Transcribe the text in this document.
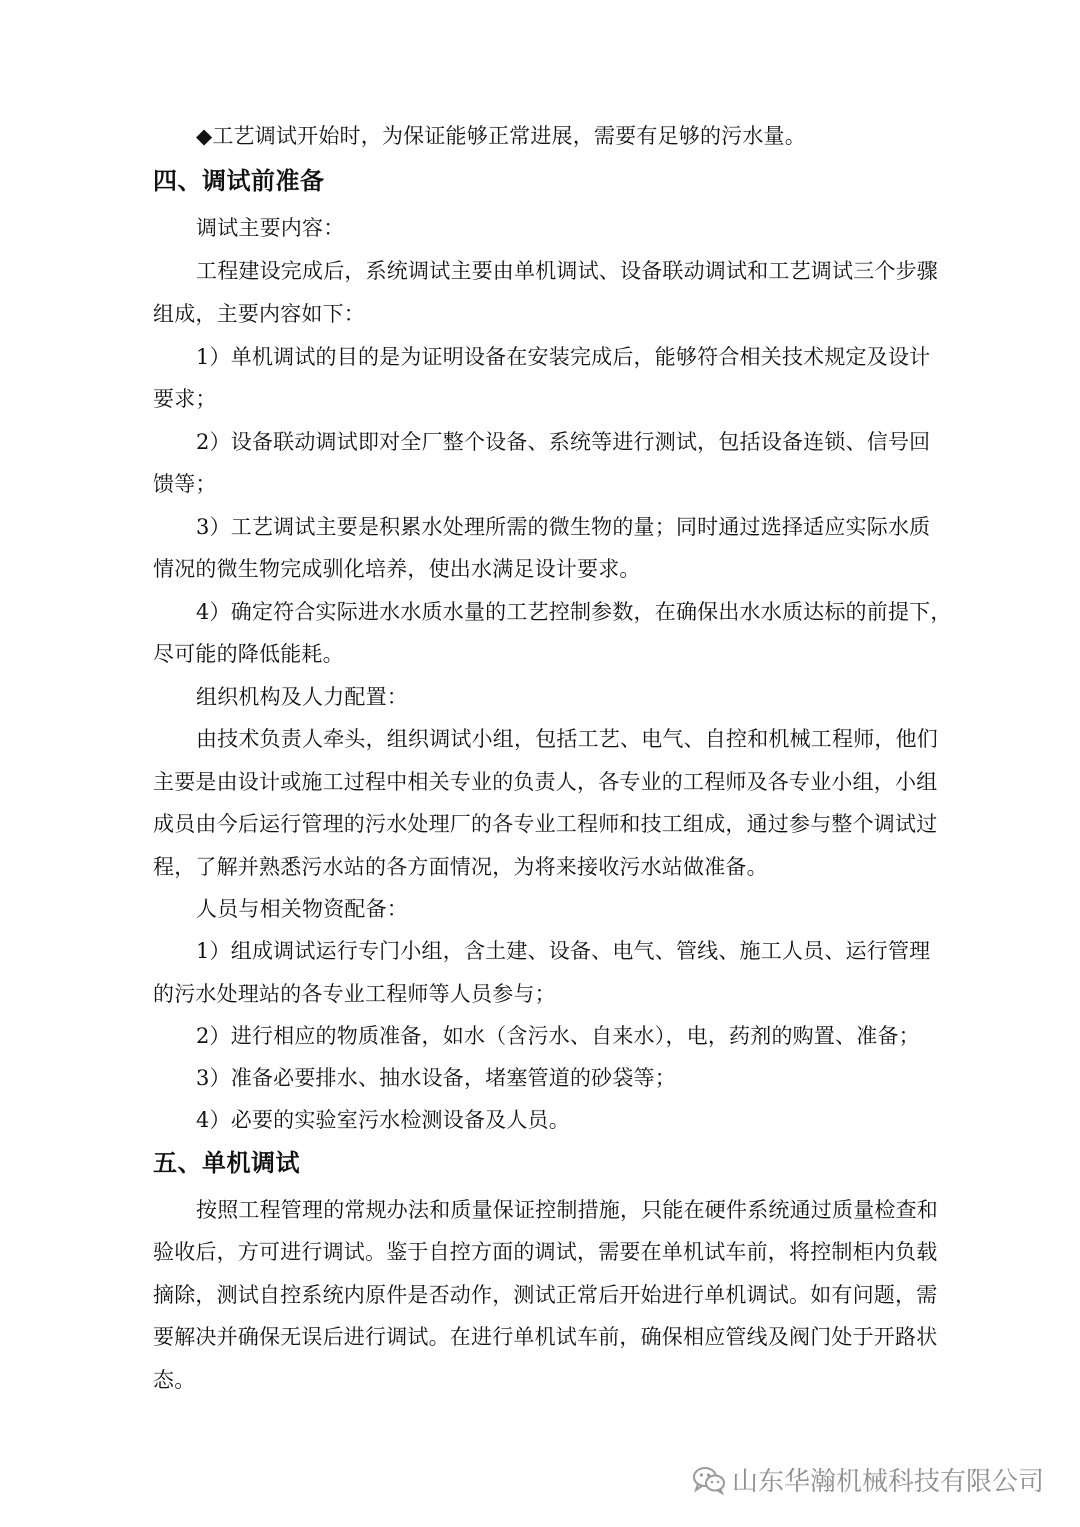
◆工艺调试开始时，为保证能够正常进展，需要有足够的污水量。
四、调试前准备
调试主要内容：
工程建设完成后，系统调试主要由单机调试、设备联动调试和工艺调试三个步骤
组成，主要内容如下：
1）单机调试的目的是为证明设备在安装完成后，能够符合相关技术规定及设计
要求；
2）设备联动调试即对全厂整个设备、系统等进行测试，包括设备连锁、信号回
馈等；
3）工艺调试主要是积累水处理所需的微生物的量；同时通过选择适应实际水质
情况的微生物完成驯化培养，使出水满足设计要求。
4）确定符合实际进水水质水量的工艺控制参数，在确保出水水质达标的前提下，
尽可能的降低能耗。
组织机构及人力配置：
由技术负责人牵头，组织调试小组，包括工艺、电气、自控和机械工程师，他们
主要是由设计或施工过程中相关专业的负责人，各专业的工程师及各专业小组，小组
成员由今后运行管理的污水处理厂的各专业工程师和技工组成，通过参与整个调试过
程，了解并熟悉污水站的各方面情况，为将来接收污水站做准备。
人员与相关物资配备：
1）组成调试运行专门小组，含土建、设备、电气、管线、施工人员、运行管理
的污水处理站的各专业工程师等人员参与；
2）进行相应的物质准备，如水（含污水、自来水），电，药剂的购置、准备；
3）准备必要排水、抽水设备，堵塞管道的砂袋等；
4）必要的实验室污水检测设备及人员。
五、单机调试
按照工程管理的常规办法和质量保证控制措施，只能在硬件系统通过质量检查和
验收后，方可进行调试。鉴于自控方面的调试，需要在单机试车前，将控制柜内负载
摘除，测试自控系统内原件是否动作，测试正常后开始进行单机调试。如有问题，需
要解决并确保无误后进行调试。在进行单机试车前，确保相应管线及阀门处于开路状
态。
山东华瀚机械科技有限公司
